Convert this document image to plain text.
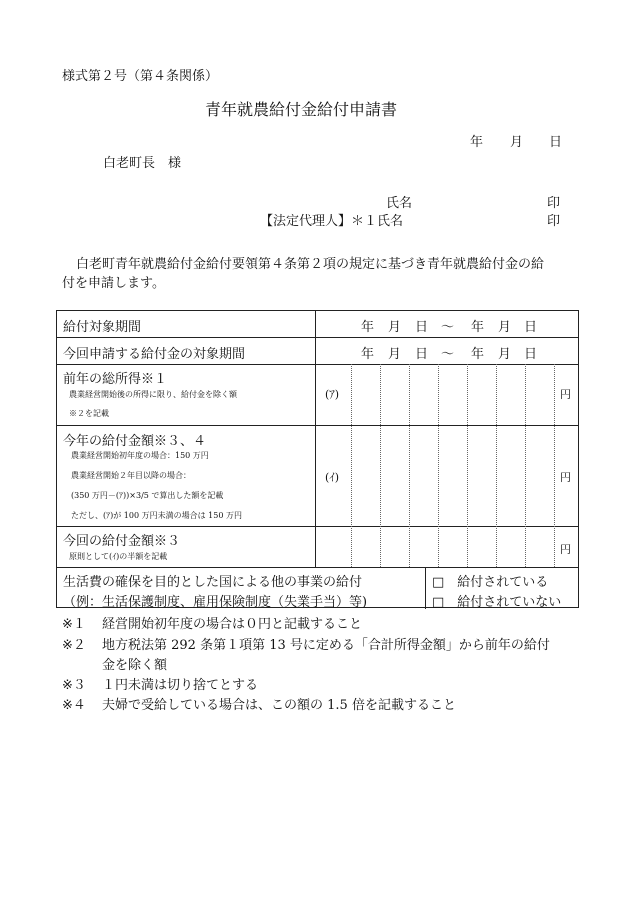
様式第２号（第４条関係）
青年就農給付金給付申請書
年 月 日
白老町長　様
氏名	印
【法定代理人】＊１氏名	印
白老町青年就農給付金給付要領第４条第２項の規定に基づき青年就農給付金の給
付を申請します。
給付対象期間	年 月 日 ～ 年 月 日
今回申請する給付金の対象期間	年 月 日 ～ 年 月 日
前年の総所得※１
農業経営開始後の所得に限り、給付金を除く額
※２を記載
(ｱ)	円
今年の給付金額※３、４
農業経営開始初年度の場合：150 万円
農業経営開始２年目以降の場合：
(350 万円－(ｱ))×3/5 で算出した額を記載
ただし、(ｱ)が 100 万円未満の場合は 150 万円
(ｲ)	円
今回の給付金額※３
原則として(ｲ)の半額を記載
円
生活費の確保を目的とした国による他の事業の給付
（例：生活保護制度、雇用保険制度（失業手当）等)
□　給付されている
□　給付されていない
※１ 経営開始初年度の場合は０円と記載すること
※２ 地方税法第 292 条第１項第 13 号に定める「合計所得金額」から前年の給付
金を除く額
※３ １円未満は切り捨てとする
※４ 夫婦で受給している場合は、この額の 1.5 倍を記載すること
